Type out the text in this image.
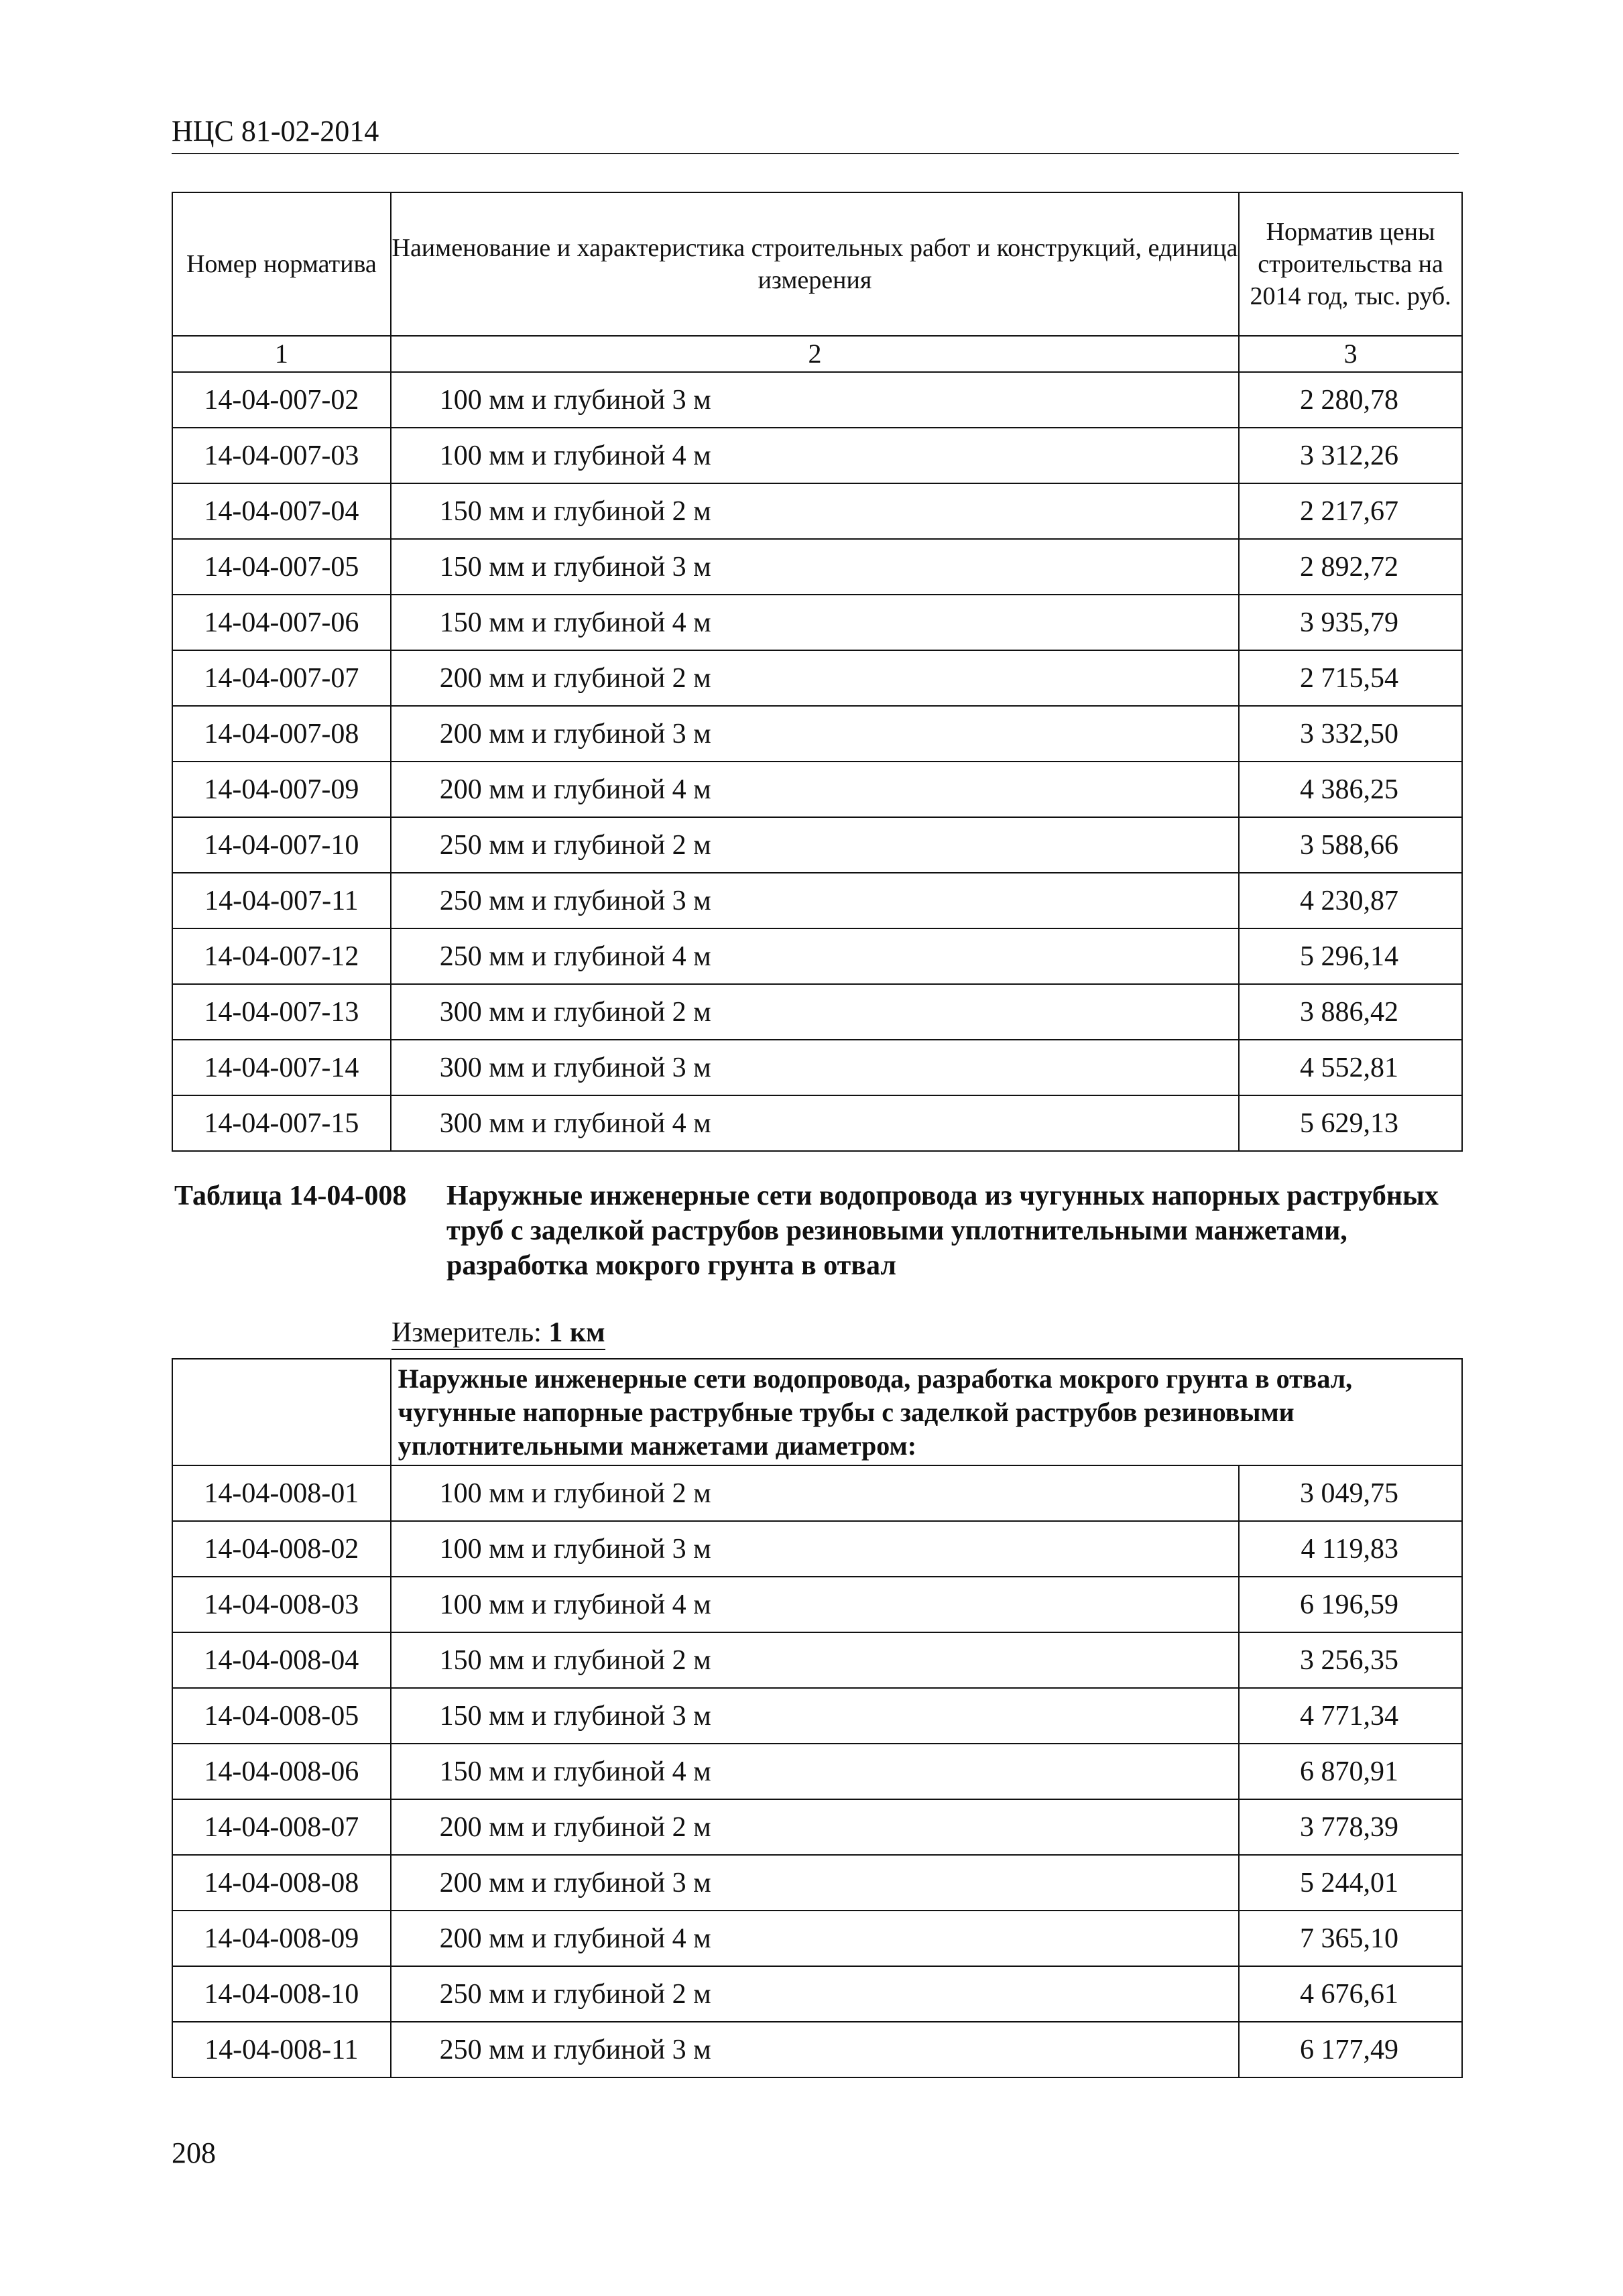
НЦС 81-02-2014
Номер норматива	Наименование и характеристика строительных работ и конструкций, единица измерения	Норматив цены строительства на 2014 год, тыс. руб.
1	2	3
14-04-007-02	100 мм и глубиной 3 м	2 280,78
14-04-007-03	100 мм и глубиной 4 м	3 312,26
14-04-007-04	150 мм и глубиной 2 м	2 217,67
14-04-007-05	150 мм и глубиной 3 м	2 892,72
14-04-007-06	150 мм и глубиной 4 м	3 935,79
14-04-007-07	200 мм и глубиной 2 м	2 715,54
14-04-007-08	200 мм и глубиной 3 м	3 332,50
14-04-007-09	200 мм и глубиной 4 м	4 386,25
14-04-007-10	250 мм и глубиной 2 м	3 588,66
14-04-007-11	250 мм и глубиной 3 м	4 230,87
14-04-007-12	250 мм и глубиной 4 м	5 296,14
14-04-007-13	300 мм и глубиной 2 м	3 886,42
14-04-007-14	300 мм и глубиной 3 м	4 552,81
14-04-007-15	300 мм и глубиной 4 м	5 629,13
Таблица 14-04-008 Наружные инженерные сети водопровода из чугунных напорных раструбных труб с заделкой раструбов резиновыми уплотнительными манжетами, разработка мокрого грунта в отвал
Измеритель: 1 км
	Наружные инженерные сети водопровода, разработка мокрого грунта в отвал, чугунные напорные раструбные трубы с заделкой раструбов резиновыми уплотнительными манжетами диаметром:	
14-04-008-01	100 мм и глубиной 2 м	3 049,75
14-04-008-02	100 мм и глубиной 3 м	4 119,83
14-04-008-03	100 мм и глубиной 4 м	6 196,59
14-04-008-04	150 мм и глубиной 2 м	3 256,35
14-04-008-05	150 мм и глубиной 3 м	4 771,34
14-04-008-06	150 мм и глубиной 4 м	6 870,91
14-04-008-07	200 мм и глубиной 2 м	3 778,39
14-04-008-08	200 мм и глубиной 3 м	5 244,01
14-04-008-09	200 мм и глубиной 4 м	7 365,10
14-04-008-10	250 мм и глубиной 2 м	4 676,61
14-04-008-11	250 мм и глубиной 3 м	6 177,49
208
